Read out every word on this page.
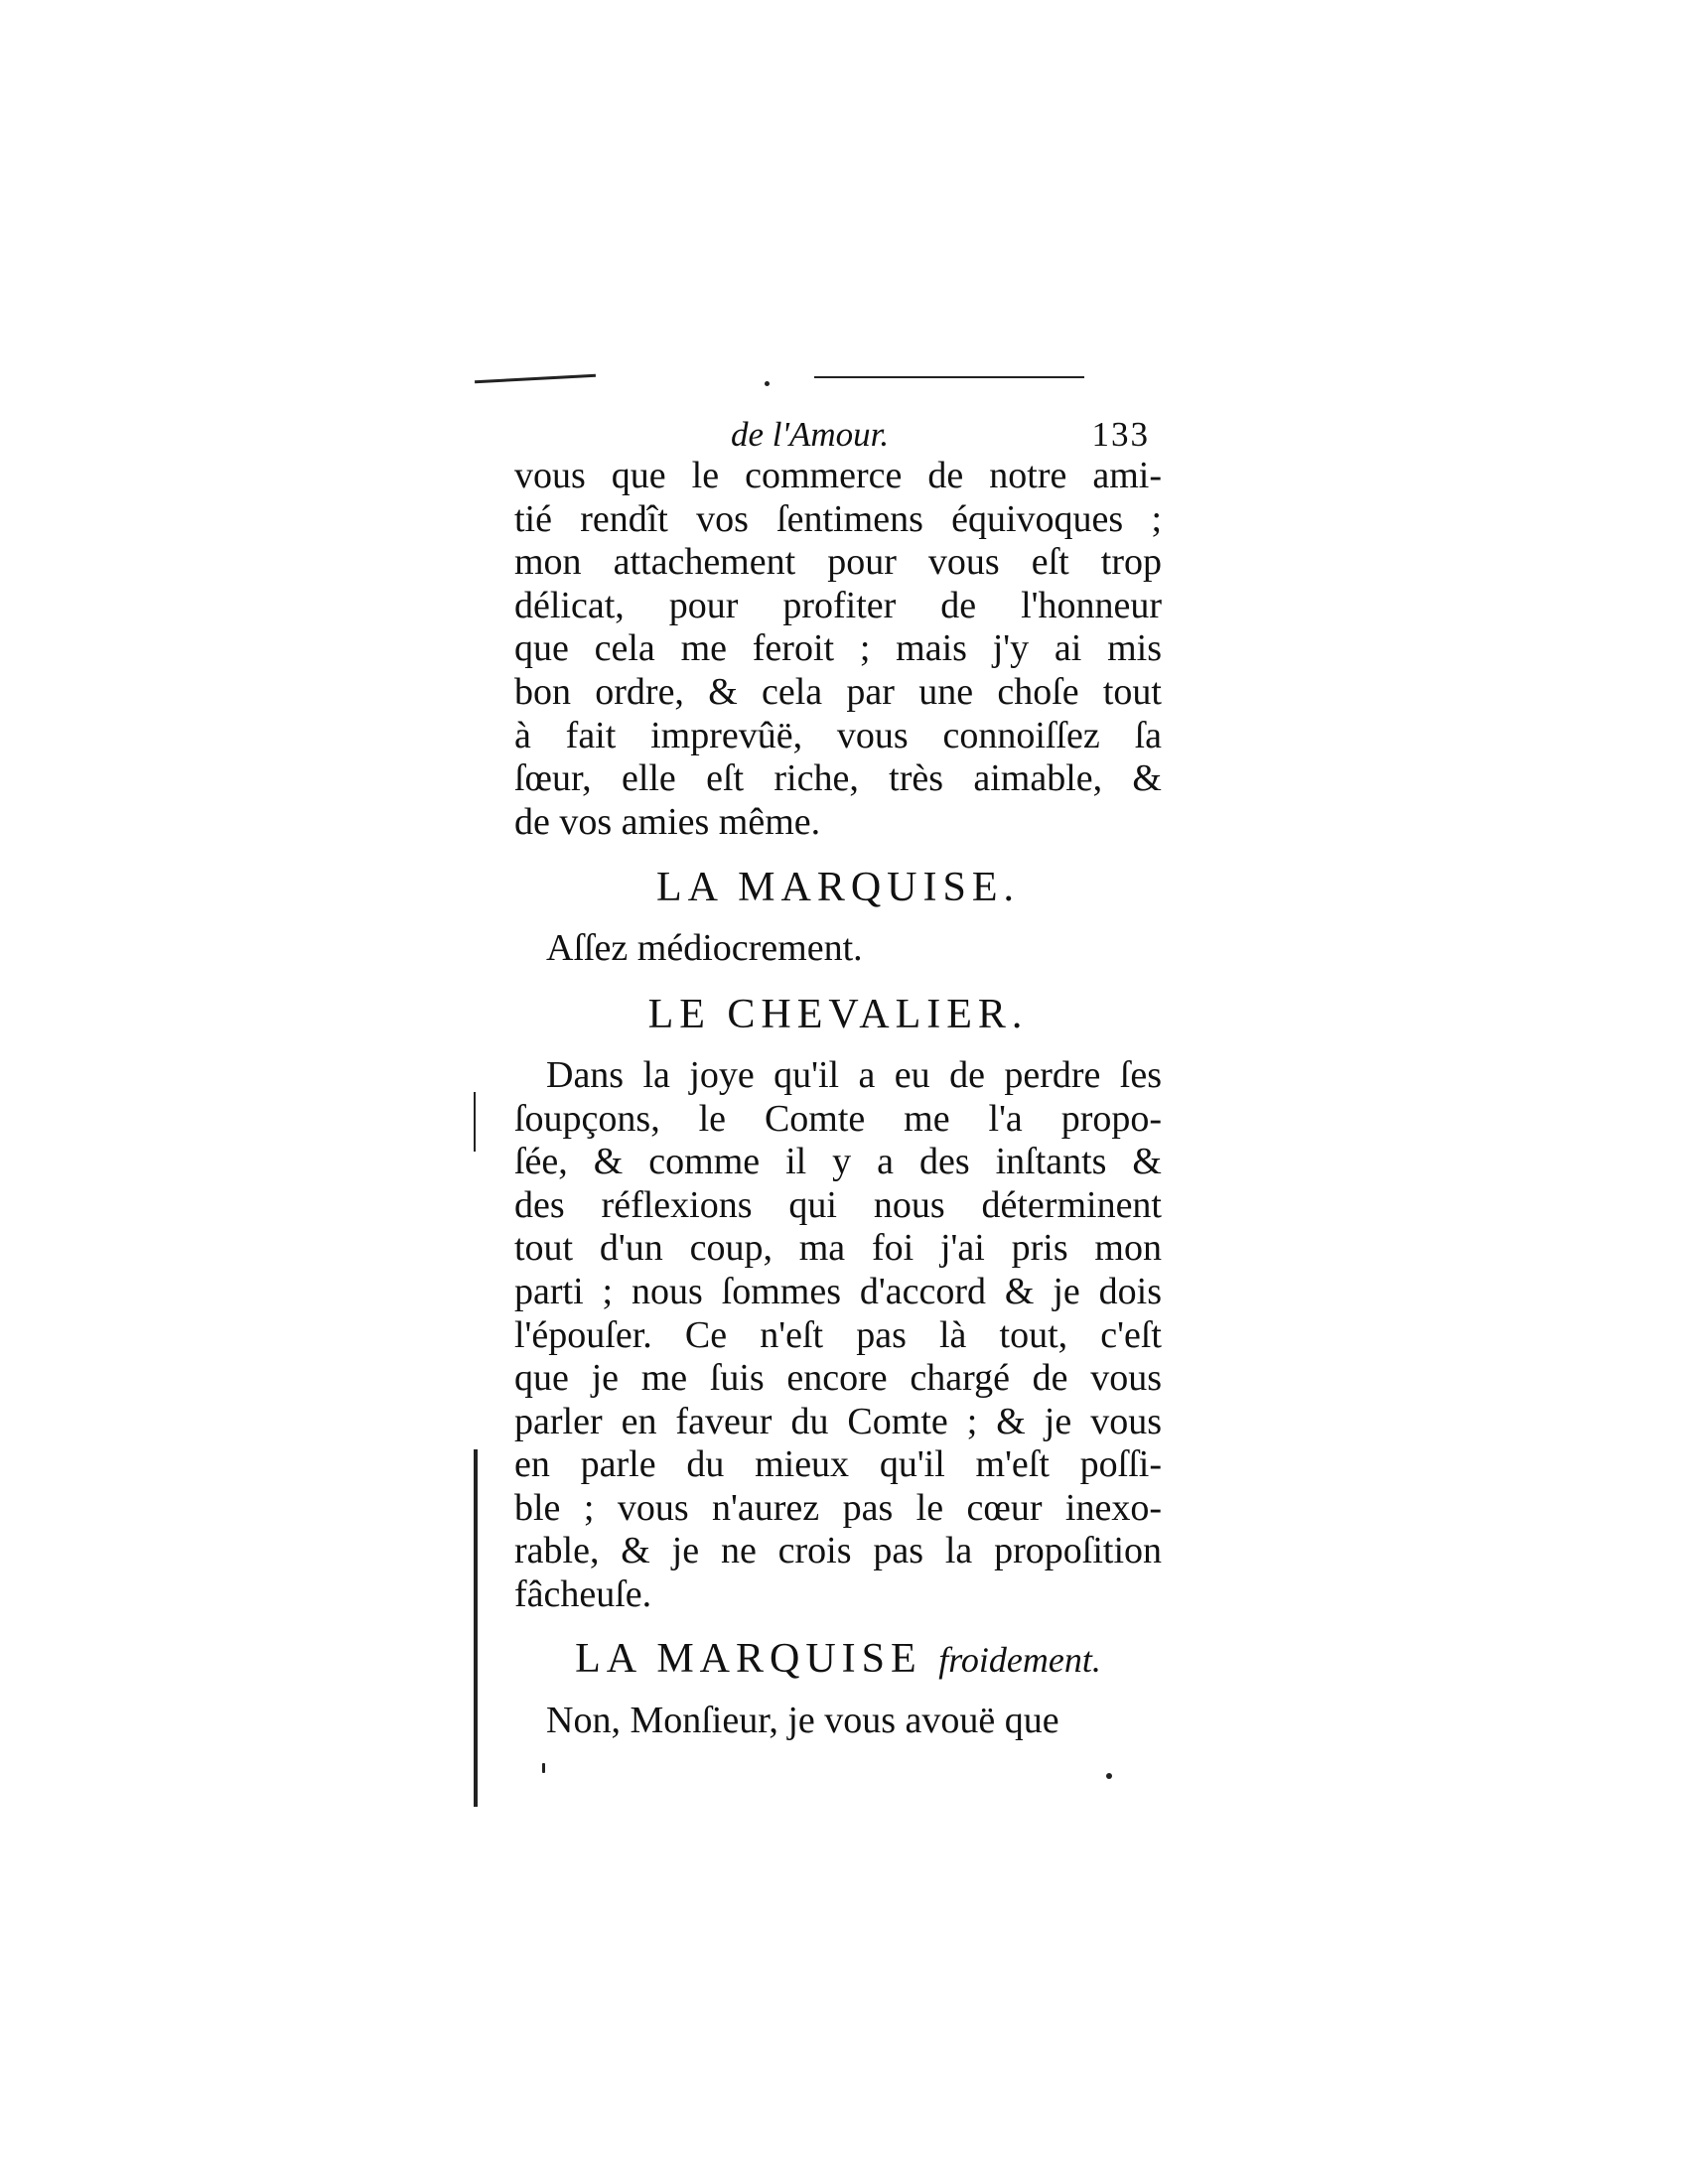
de l'Amour.	133

vous que le commerce de notre ami-
tié rendît vos ſentimens équivoques ;
mon attachement pour vous eſt trop
délicat, pour profiter de l'honneur
que cela me feroit ; mais j'y ai mis
bon ordre, & cela par une choſe tout
à fait imprevûë, vous connoiſſez ſa
ſœur, elle eſt riche, très aimable, &
de vos amies même.

LA MARQUISE.

Aſſez médiocrement.

LE CHEVALIER.

Dans la joye qu'il a eu de perdre ſes
ſoupçons, le Comte me l'a propo-
ſée, & comme il y a des inſtants &
des réflexions qui nous déterminent
tout d'un coup, ma foi j'ai pris mon
parti ; nous ſommes d'accord & je dois
l'épouſer. Ce n'eſt pas là tout, c'eſt
que je me ſuis encore chargé de vous
parler en faveur du Comte ; & je vous
en parle du mieux qu'il m'eſt poſſi-
ble ; vous n'aurez pas le cœur inexo-
rable, & je ne crois pas la propoſition
fâcheuſe.

LA MARQUISE froidement.

Non, Monſieur, je vous avouë que
